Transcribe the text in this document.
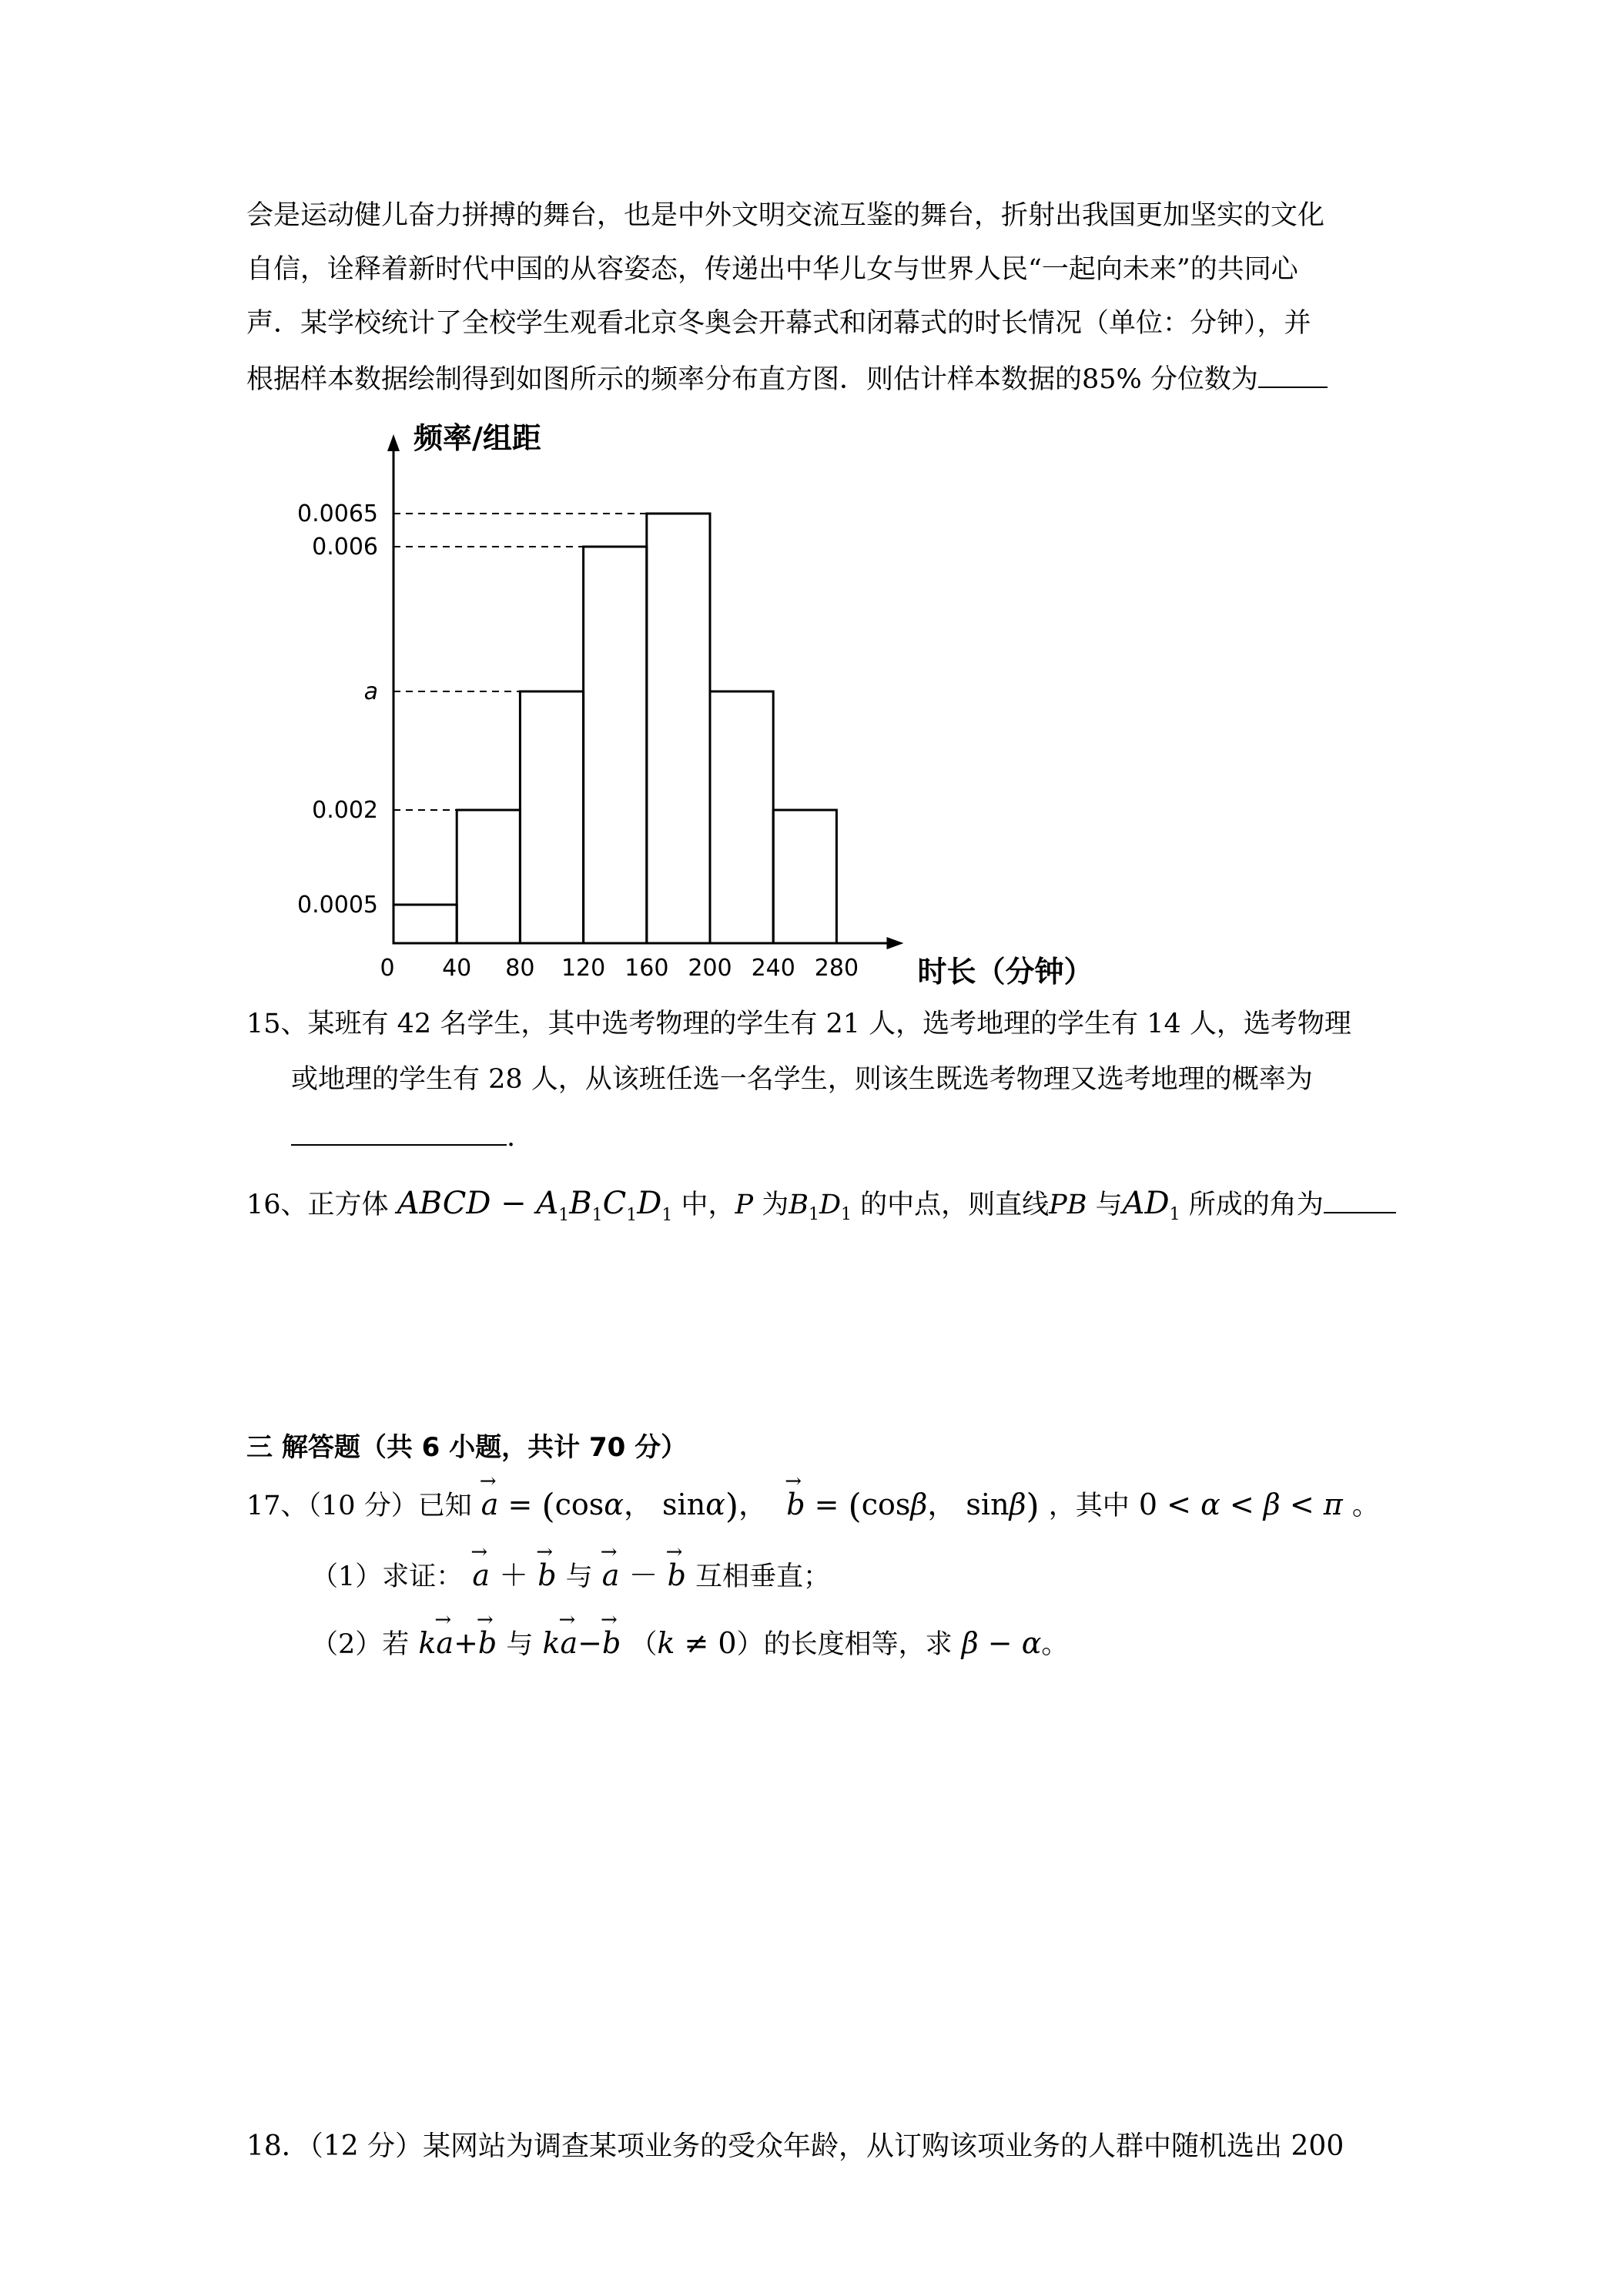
会是运动健儿奋力拼搏的舞台，也是中外文明交流互鉴的舞台，折射出我国更加坚实的文化
自信，诠释着新时代中国的从容姿态，传递出中华儿女与世界人民“一起向未来”的共同心
声．某学校统计了全校学生观看北京冬奥会开幕式和闭幕式的时长情况（单位：分钟），并
根据样本数据绘制得到如图所示的频率分布直方图．则估计样本数据的85% 分位数为
0.0065
0.006
a
0.002
0.0005
0 40 80 120 160 200 240 280
频率/组距
时长（分钟）
15、某班有 42 名学生，其中选考物理的学生有 21 人，选考地理的学生有 14 人，选考物理
或地理的学生有 28 人，从该班任选一名学生，则该生既选考物理又选考地理的概率为
.
16、正方体 ABCD − $A_1B_1C_1D_1$ 中，P 为$B_1D_1$ 的中点，则直线PB 与$AD_1$ 所成的角为
三 解答题（共 6 小题，共计 70 分）
17、（10 分）已知 → a = (cosα， sinα)，  → b = (cosβ， sinβ) ，其中 0 < α < β < π 。
（1）求证： → a ＋ → b 与 → a － → b 互相垂直；
（2）若 k→ a+→ b 与 k→ a−→ b （k ≠ 0）的长度相等，求 β − α。
18．（12 分）某网站为调查某项业务的受众年龄，从订购该项业务的人群中随机选出 200
